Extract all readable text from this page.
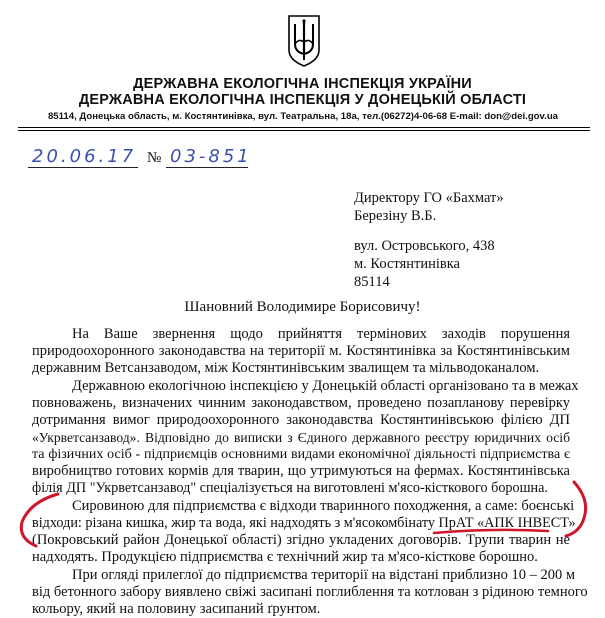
ДЕРЖАВНА ЕКОЛОГІЧНА ІНСПЕКЦІЯ УКРАЇНИ
ДЕРЖАВНА ЕКОЛОГІЧНА ІНСПЕКЦІЯ У ДОНЕЦЬКІЙ ОБЛАСТІ
85114, Донецька область, м. Костянтинівка, вул. Театральна, 18а, тел.(06272)4-06-68 E-mail: don@dei.gov.ua
20.06.17 № 03-851
Директору ГО «Бахмат»
Березіну В.Б.
вул. Островського, 438
м. Костянтинівка
85114
Шановний Володимире Борисовичу!
На Ваше звернення щодо прийняття термінових заходів порушення
природоохоронного законодавства на території м. Костянтинівка за Костянтинівським
державним Ветсанзаводом, між Костянтинівським звалищем та мільводоканалом.
Державною екологічною інспекцією у Донецькій області організовано та в межах
повноважень, визначених чинним законодавством, проведено позапланову перевірку
дотримання вимог природоохоронного законодавства Костянтинівською філією ДП
«Укрветсанзавод». Відповідно до виписки з Єдиного державного реєстру юридичних осіб
та фізичних осіб - підприємців основними видами економічної діяльності підприємства є
виробництво готових кормів для тварин, що утримуються на фермах. Костянтинівська
філія ДП "Укрветсанзавод" спеціалізується на виготовлені м'ясо-кісткового борошна.
Сировиною для підприємства є відходи тваринного походження, а саме: боєнські
відходи: різана кишка, жир та вода, які надходять з м'ясокомбінату ПрАТ «АПК ІНВЕСТ»
(Покровський район Донецької області) згідно укладених договорів. Трупи тварин не
надходять. Продукцією підприємства є технічний жир та м'ясо-кісткове борошно.
При огляді прилеглої до підприємства території на відстані приблизно 10 – 200 м
від бетонного забору виявлено свіжі засипані поглиблення та котлован з рідиною темного
кольору, який на половину засипаний ґрунтом.
